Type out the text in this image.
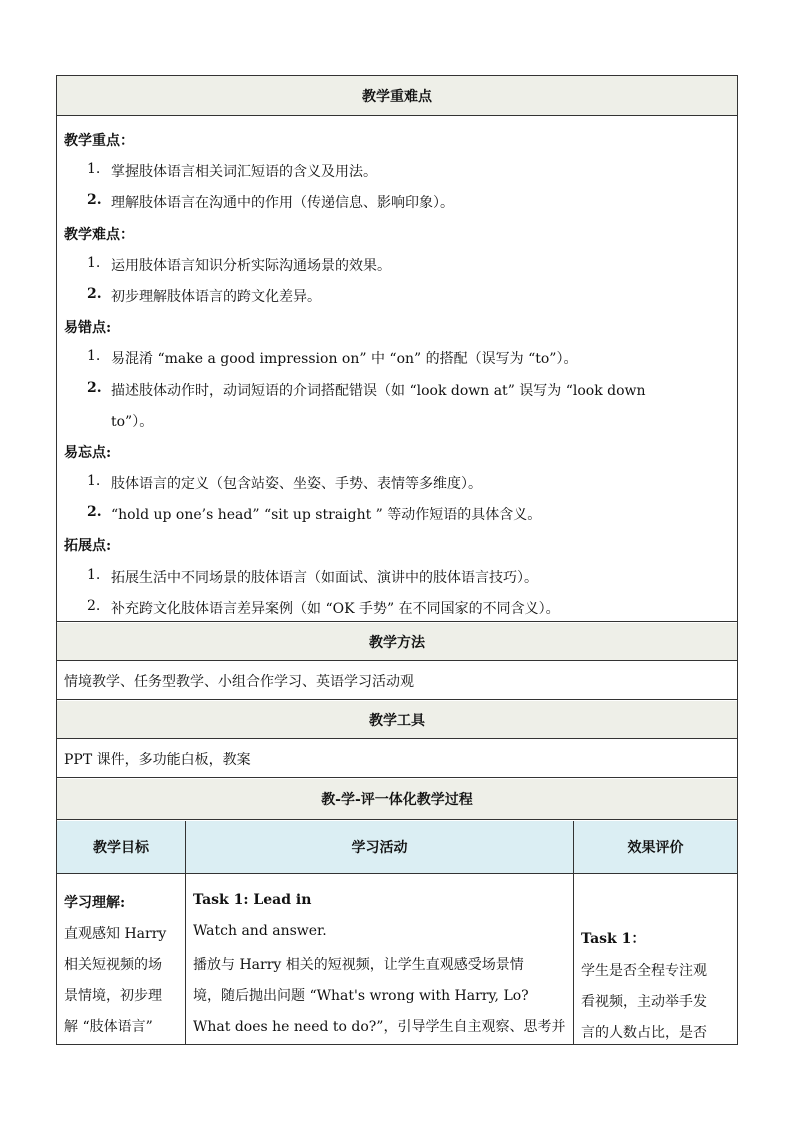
教学重难点
教学重点：
1. 掌握肢体语言相关词汇短语的含义及用法。
2. 理解肢体语言在沟通中的作用（传递信息、影响印象）。
教学难点：
1. 运用肢体语言知识分析实际沟通场景的效果。
2. 初步理解肢体语言的跨文化差异。
易错点:
1. 易混淆 “make a good impression on” 中 “on” 的搭配（误写为 “to”）。
2. 描述肢体动作时，动词短语的介词搭配错误（如 “look down at” 误写为 “look down
to”）。
易忘点:
1. 肢体语言的定义（包含站姿、坐姿、手势、表情等多维度）。
2. “hold up one’s head” “sit up straight ” 等动作短语的具体含义。
拓展点:
1. 拓展生活中不同场景的肢体语言（如面试、演讲中的肢体语言技巧）。
2. 补充跨文化肢体语言差异案例（如 “OK 手势” 在不同国家的不同含义）。
教学方法
情境教学、任务型教学、小组合作学习、英语学习活动观
教学工具
PPT 课件，多功能白板，教案
教-学-评一体化教学过程
教学目标	学习活动	效果评价
学习理解:
直观感知 Harry
相关短视频的场
景情境，初步理
解 “肢体语言”
Task 1: Lead in
Watch and answer.
播放与 Harry 相关的短视频，让学生直观感受场景情
境，随后抛出问题 “What's wrong with Harry, Lo?
What does he need to do?”，引导学生自主观察、思考并
Task 1：
学生是否全程专注观
看视频，主动举手发
言的人数占比，是否
